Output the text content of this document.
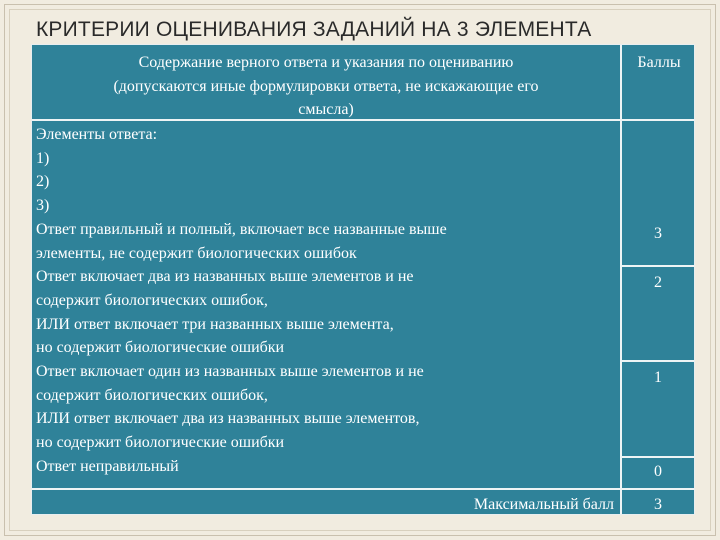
КРИТЕРИИ ОЦЕНИВАНИЯ ЗАДАНИЙ НА 3 ЭЛЕМЕНТА
Содержание верного ответа и указания по оцениванию
(допускаются иные формулировки ответа, не искажающие его
смысла)
Баллы
Элементы ответа:
1)
2)
3)
Ответ правильный и полный, включает все названные выше
элементы, не содержит биологических ошибок
Ответ включает два из названных выше элементов и не
содержит биологических ошибок,
ИЛИ ответ включает три названных выше элемента,
но содержит биологические ошибки
Ответ включает один из названных выше элементов и не
содержит биологических ошибок,
ИЛИ ответ включает два из названных выше элементов,
но содержит биологические ошибки
Ответ неправильный
3
2
1
0
Максимальный балл	3
